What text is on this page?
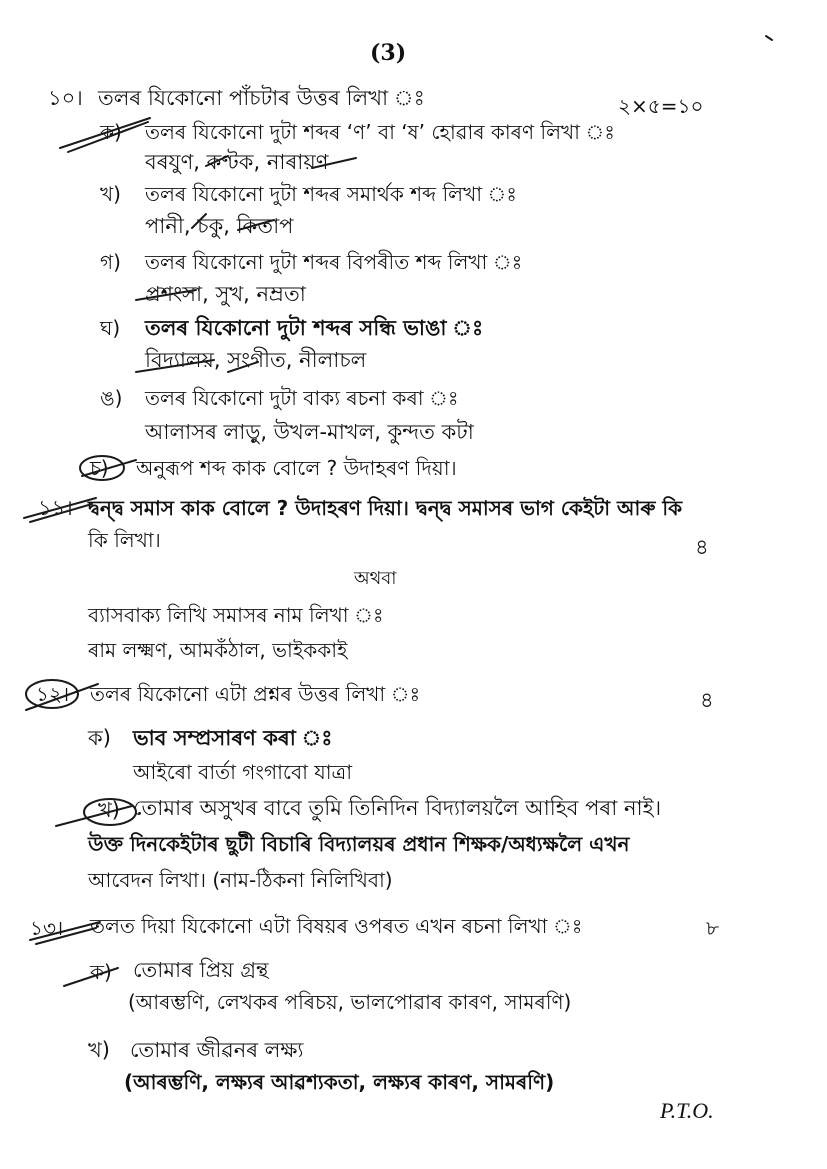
(3)
১০। তলৰ যিকোনো পাঁচটাৰ উত্তৰ লিখা ঃ	২×৫=১০
ক) তলৰ যিকোনো দুটা শব্দৰ ‘ণ’ বা ‘ষ’ হোৱাৰ কাৰণ লিখা ঃ
বৰযুণ, কণ্টক, নাৰায়ণ
খ) তলৰ যিকোনো দুটা শব্দৰ সমাৰ্থক শব্দ লিখা ঃ
পানী, চকু, কিতাপ
গ) তলৰ যিকোনো দুটা শব্দৰ বিপৰীত শব্দ লিখা ঃ
প্ৰশংসা, সুখ, নম্ৰতা
ঘ) তলৰ যিকোনো দুটা শব্দৰ সন্ধি ভাঙা ঃ
বিদ্যালয়, সংগীত, নীলাচল
ঙ) তলৰ যিকোনো দুটা বাক্য ৰচনা কৰা ঃ
আলাসৰ লাড়ু, উখল-মাখল, কুন্দত কটা
চ) অনুৰূপ শব্দ কাক বোলে ? উদাহৰণ দিয়া।
১১। দ্বন্দ্ব সমাস কাক বোলে ? উদাহৰণ দিয়া। দ্বন্দ্ব সমাসৰ ভাগ কেইটা আৰু কি
কি লিখা।	৪
অথবা
ব্যাসবাক্য লিখি সমাসৰ নাম লিখা ঃ
ৰাম লক্ষ্মণ, আমকঁঠাল, ভাইককাই
১২। তলৰ যিকোনো এটা প্ৰশ্নৰ উত্তৰ লিখা ঃ	৪
ক) ভাব সম্প্ৰসাৰণ কৰা ঃ
আইৰো বাৰ্তা গংগাবো যাত্ৰা
খ) তোমাৰ অসুখৰ বাবে তুমি তিনিদিন বিদ্যালয়লৈ আহিব পৰা নাই।
উক্ত দিনকেইটাৰ ছুটী বিচাৰি বিদ্যালয়ৰ প্ৰধান শিক্ষক/অধ্যক্ষলৈ এখন
আবেদন লিখা। (নাম-ঠিকনা নিলিখিবা)
১৩। তলত দিয়া যিকোনো এটা বিষয়ৰ ওপৰত এখন ৰচনা লিখা ঃ	৮
ক) তোমাৰ প্ৰিয় গ্ৰন্থ
(আৰম্ভণি, লেখকৰ পৰিচয়, ভালপোৱাৰ কাৰণ, সামৰণি)
খ) তোমাৰ জীৱনৰ লক্ষ্য
(আৰম্ভণি, লক্ষ্যৰ আৱশ্যকতা, লক্ষ্যৰ কাৰণ, সামৰণি)
P.T.O.
